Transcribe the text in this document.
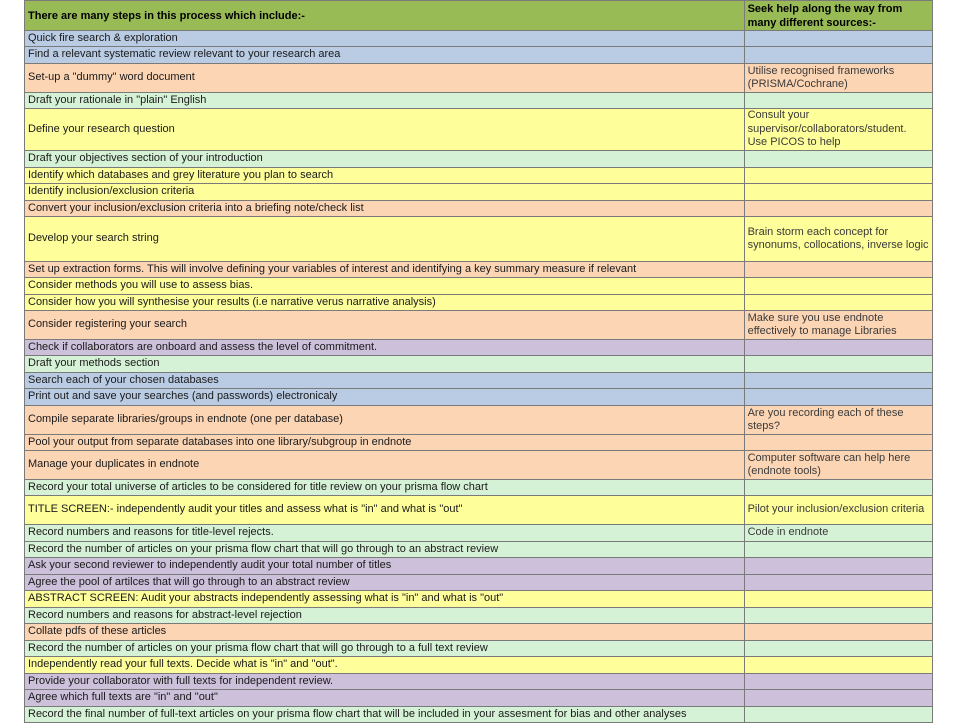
There are many steps in this process which include:-	Seek help along the way from many different sources:-
Quick fire search & exploration	
Find a relevant systematic review relevant to your research area	
Set-up a "dummy" word document	Utilise recognised frameworks (PRISMA/Cochrane)
Draft your rationale in "plain" English	
Define your research question	Consult your supervisor/collaborators/student. Use PICOS to help
Draft your objectives section of your introduction	
Identify which databases and grey literature you plan to search	
Identify inclusion/exclusion criteria	
Convert your inclusion/exclusion criteria into a briefing note/check list	
Develop your search string	Brain storm each concept for synonums, collocations, inverse logic
Set up extraction forms. This will involve defining your variables of interest and identifying a key summary measure if relevant	
Consider methods you will use to assess bias.	
Consider how you will synthesise your results (i.e narrative verus narrative analysis)	
Consider registering your search	Make sure you use endnote effectively to manage Libraries
Check if collaborators are onboard and assess the level of commitment.	
Draft your methods section	
Search each of your chosen databases	
Print out and save your searches (and passwords) electronicaly	
Compile separate libraries/groups in endnote (one per database)	Are you recording each of these steps?
Pool your output from separate databases into one library/subgroup in endnote	
Manage your duplicates in endnote	Computer software can help here (endnote tools)
Record your total universe of articles to be considered for title review on your prisma flow chart	
TITLE SCREEN:- independently audit your titles and assess what is "in" and what is "out"	Pilot your inclusion/exclusion criteria
Record numbers and reasons for title-level rejects.	Code in endnote
Record the number of articles on your prisma flow chart that will go through to an abstract review	
Ask your second reviewer to independently audit your total number of titles	
Agree the pool of artilces that will go through to an abstract review	
ABSTRACT SCREEN: Audit your abstracts independently assessing what is "in" and what is "out"	
Record numbers and reasons for abstract-level rejection	
Collate pdfs of these articles	
Record the number of articles on your prisma flow chart that will go through to a full text review	
Independently read your full texts. Decide what is "in" and "out".	
Provide your collaborator with full texts for independent review.	
Agree which full texts are "in" and "out"	
Record the final number of full-text articles on your prisma flow chart that will be included in your assesment for bias and other analyses	
